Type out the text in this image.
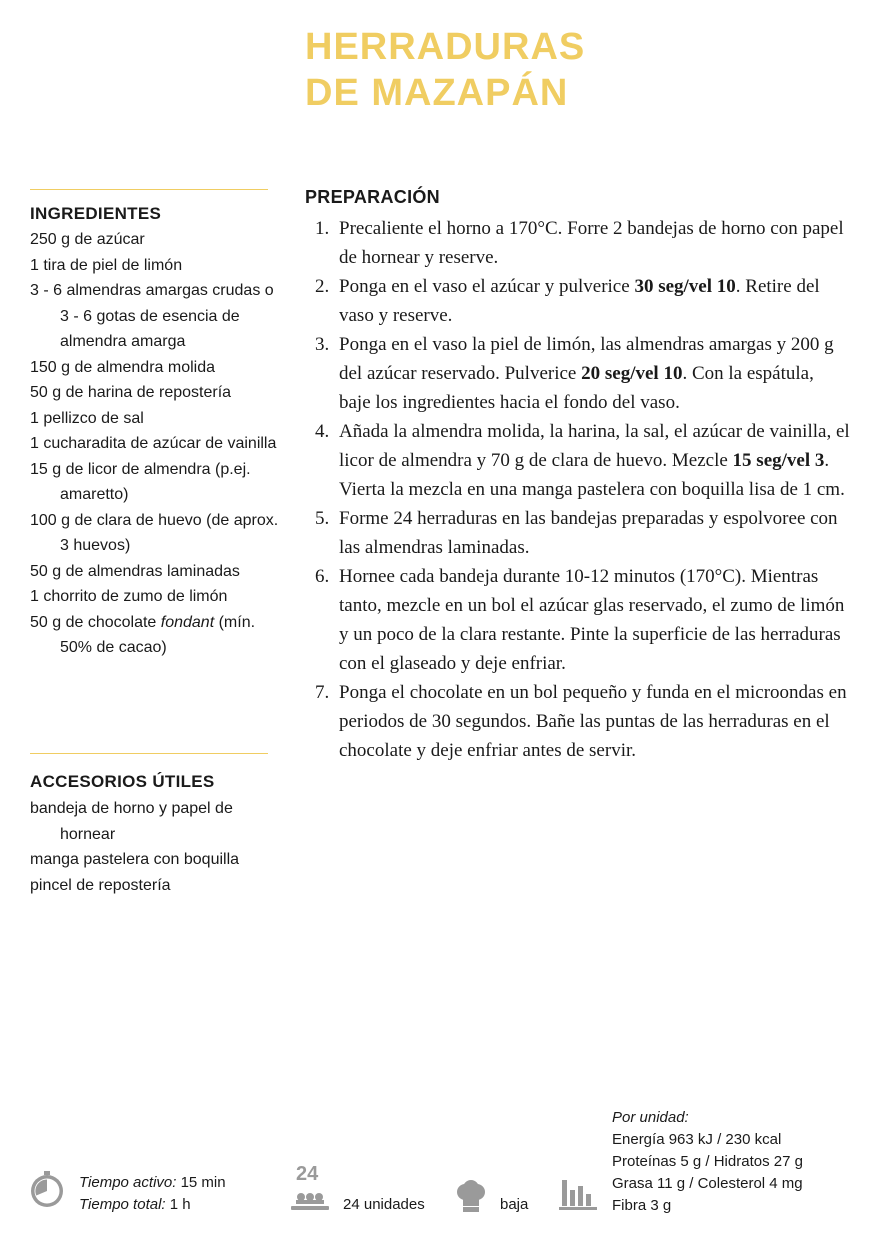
HERRADURAS
DE MAZAPÁN
INGREDIENTES
250 g de azúcar
1 tira de piel de limón
3 - 6 almendras amargas crudas o 3 - 6 gotas de esencia de almendra amarga
150 g de almendra molida
50 g de harina de repostería
1 pellizco de sal
1 cucharadita de azúcar de vainilla
15 g de licor de almendra (p.ej. amaretto)
100 g de clara de huevo (de aprox. 3 huevos)
50 g de almendras laminadas
1 chorrito de zumo de limón
50 g de chocolate fondant (mín. 50% de cacao)
ACCESORIOS ÚTILES
bandeja de horno y papel de hornear
manga pastelera con boquilla
pincel de repostería
PREPARACIÓN
1. Precaliente el horno a 170°C. Forre 2 bandejas de horno con papel de hornear y reserve.
2. Ponga en el vaso el azúcar y pulverice 30 seg/vel 10. Retire del vaso y reserve.
3. Ponga en el vaso la piel de limón, las almendras amargas y 200 g del azúcar reservado. Pulverice 20 seg/vel 10. Con la espátula, baje los ingredientes hacia el fondo del vaso.
4. Añada la almendra molida, la harina, la sal, el azúcar de vainilla, el licor de almendra y 70 g de clara de huevo. Mezcle 15 seg/vel 3. Vierta la mezcla en una manga pastelera con boquilla lisa de 1 cm.
5. Forme 24 herraduras en las bandejas preparadas y espolvoree con las almendras laminadas.
6. Hornee cada bandeja durante 10-12 minutos (170°C). Mientras tanto, mezcle en un bol el azúcar glas reservado, el zumo de limón y un poco de la clara restante. Pinte la superficie de las herraduras con el glaseado y deje enfriar.
7. Ponga el chocolate en un bol pequeño y funda en el microondas en periodos de 30 segundos. Bañe las puntas de las herraduras en el chocolate y deje enfriar antes de servir.
Tiempo activo: 15 min
Tiempo total: 1 h
24
24 unidades	baja
Por unidad:
Energía 963 kJ / 230 kcal
Proteínas 5 g / Hidratos 27 g
Grasa 11 g / Colesterol 4 mg
Fibra 3 g
